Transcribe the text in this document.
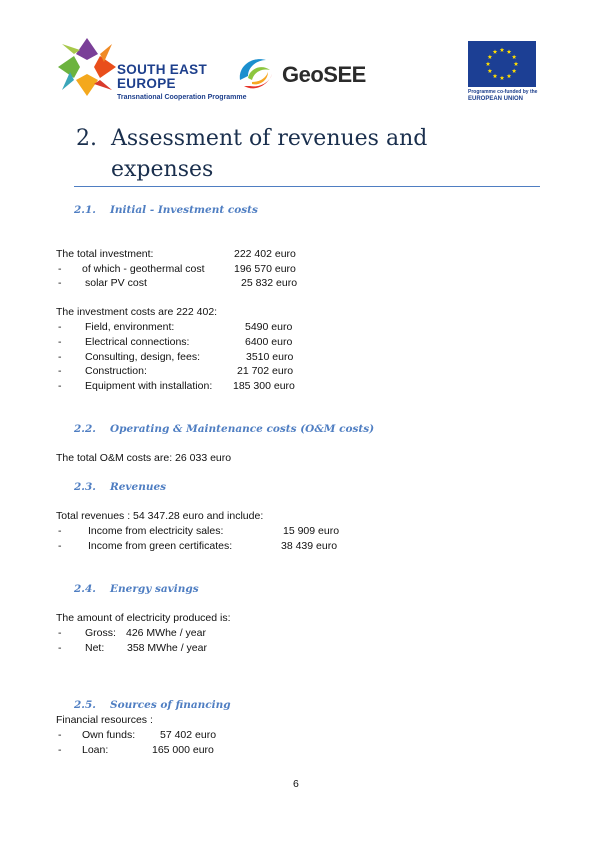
SOUTH EAST
EUROPE
Transnational Cooperation Programme
GeoSEE
Programme co-funded by the
EUROPEAN UNION
2. Assessment of revenues and
expenses
2.1. Initial - Investment costs
The total investment:	222 402 euro
- of which - geothermal cost	196 570 euro
- solar PV cost	25 832 euro
The investment costs are 222 402:
- Field, environment:	5490 euro
- Electrical connections:	6400 euro
- Consulting, design, fees:	3510 euro
- Construction:	21 702 euro
- Equipment with installation: 185 300 euro
2.2. Operating & Maintenance costs (O&M costs)
The total O&M costs are: 26 033 euro
2.3. Revenues
Total revenues : 54 347.28 euro and include:
-	Income from electricity sales:	15 909 euro
-	Income from green certificates:	38 439 euro
2.4. Energy savings
The amount of electricity produced is:
- Gross: 426 MWhe / year
- Net: 358 MWhe / year
2.5. Sources of financing
Financial resources :
- Own funds: 57 402 euro
- Loan:	165 000 euro
6
